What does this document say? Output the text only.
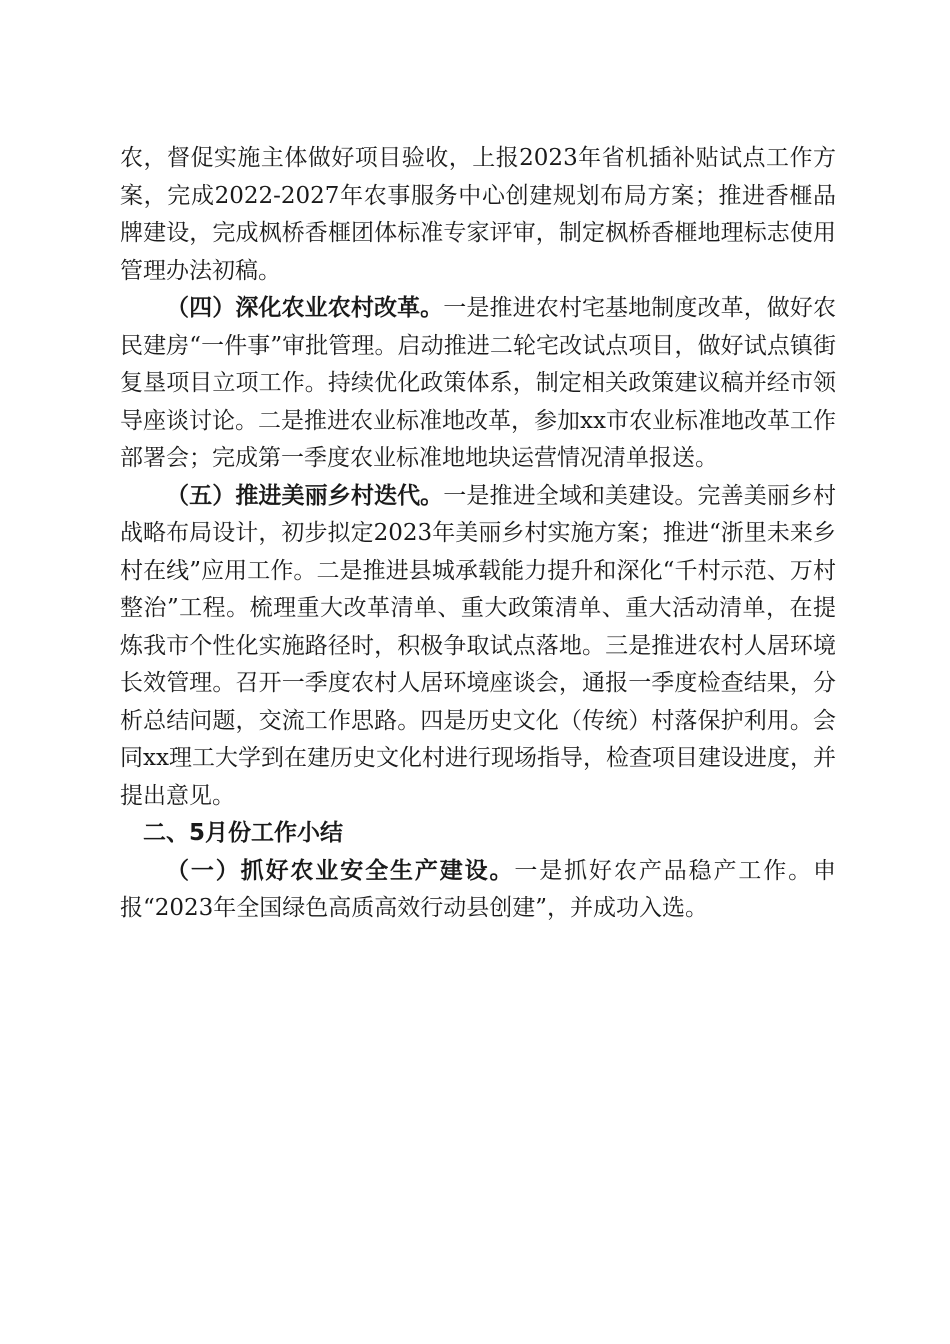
农，督促实施主体做好项目验收，上报2023年省机插补贴试点工作方案，完成2022-2027年农事服务中心创建规划布局方案；推进香榧品牌建设，完成枫桥香榧团体标准专家评审，制定枫桥香榧地理标志使用管理办法初稿。

（四）深化农业农村改革。一是推进农村宅基地制度改革，做好农民建房“一件事”审批管理。启动推进二轮宅改试点项目，做好试点镇街复垦项目立项工作。持续优化政策体系，制定相关政策建议稿并经市领导座谈讨论。二是推进农业标准地改革，参加xx市农业标准地改革工作部署会；完成第一季度农业标准地地块运营情况清单报送。

（五）推进美丽乡村迭代。一是推进全域和美建设。完善美丽乡村战略布局设计，初步拟定2023年美丽乡村实施方案；推进“浙里未来乡村在线”应用工作。二是推进县城承载能力提升和深化“千村示范、万村整治”工程。梳理重大改革清单、重大政策清单、重大活动清单，在提炼我市个性化实施路径时，积极争取试点落地。三是推进农村人居环境长效管理。召开一季度农村人居环境座谈会，通报一季度检查结果，分析总结问题，交流工作思路。四是历史文化（传统）村落保护利用。会同xx理工大学到在建历史文化村进行现场指导，检查项目建设进度，并提出意见。

二、5月份工作小结

（一）抓好农业安全生产建设。一是抓好农产品稳产工作。申报“2023年全国绿色高质高效行动县创建”，并成功入选。
